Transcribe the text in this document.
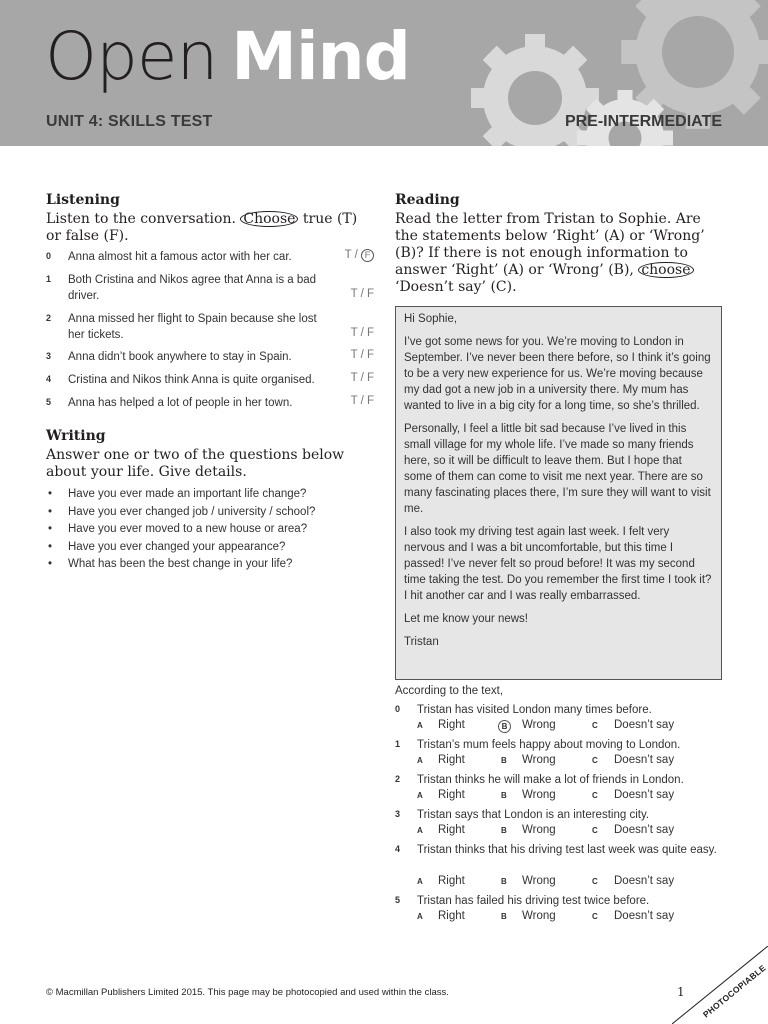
Open Mind
UNIT 4: SKILLS TEST	PRE-INTERMEDIATE
Listening
Listen to the conversation. Choose true (T) or false (F).
0 Anna almost hit a famous actor with her car.	T / F
1 Both Cristina and Nikos agree that Anna is a bad driver.	T / F
2 Anna missed her flight to Spain because she lost her tickets.	T / F
3 Anna didn’t book anywhere to stay in Spain.	T / F
4 Cristina and Nikos think Anna is quite organised.	T / F
5 Anna has helped a lot of people in her town.	T / F
Writing
Answer one or two of the questions below about your life. Give details.
• Have you ever made an important life change?
• Have you ever changed job / university / school?
• Have you ever moved to a new house or area?
• Have you ever changed your appearance?
• What has been the best change in your life?
Reading
Read the letter from Tristan to Sophie. Are the statements below ‘Right’ (A) or ‘Wrong’ (B)? If there is not enough information to answer ‘Right’ (A) or ‘Wrong’ (B), choose ‘Doesn’t say’ (C).

Hi Sophie,

I’ve got some news for you. We’re moving to London in September. I’ve never been there before, so I think it’s going to be a very new experience for us. We’re moving because my dad got a new job in a university there. My mum has wanted to live in a big city for a long time, so she’s thrilled.

Personally, I feel a little bit sad because I’ve lived in this small village for my whole life. I’ve made so many friends here, so it will be difficult to leave them. But I hope that some of them can come to visit me next year. There are so many fascinating places there, I’m sure they will want to visit me.

I also took my driving test again last week. I felt very nervous and I was a bit uncomfortable, but this time I passed! I’ve never felt so proud before! It was my second time taking the test. Do you remember the first time I took it? I hit another car and I was really embarrassed.

Let me know your news!

Tristan

According to the text,
0 Tristan has visited London many times before.
A Right	B	Wrong	C Doesn’t say
1 Tristan’s mum feels happy about moving to London.
A Right	B Wrong	C Doesn’t say
2 Tristan thinks he will make a lot of friends in London.
A Right	B Wrong	C Doesn’t say
3 Tristan says that London is an interesting city.
A Right	B Wrong	C Doesn’t say
4 Tristan thinks that his driving test last week was quite easy.
A Right	B Wrong	C Doesn’t say
5 Tristan has failed his driving test twice before.
A Right	B Wrong	C Doesn’t say
© Macmillan Publishers Limited 2015. This page may be photocopied and used within the class.	1 PHOTOCOPIABLE
